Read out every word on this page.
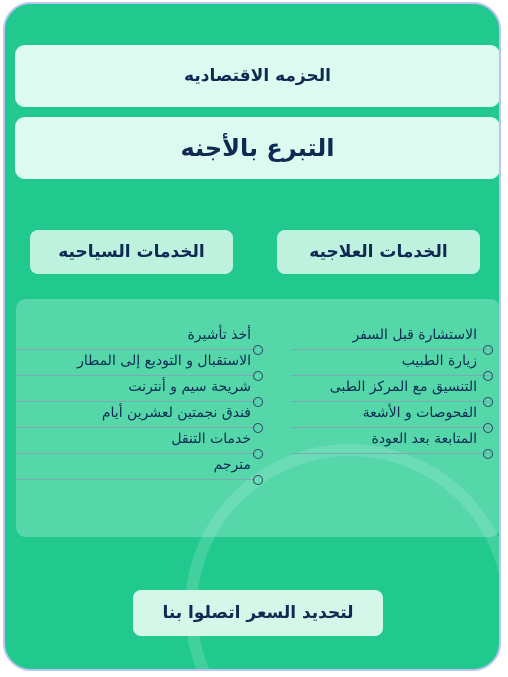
الحزمه الاقتصاديه
التبرع بالأجنه
الخدمات العلاجيه
الخدمات السياحيه
الاستشارة قبل السفر
زيارة الطبيب
التنسيق مع المركز الطبى
الفحوصات و الأشعة
المتابعة بعد العودة
أخذ تأشيرة
الاستقبال و التوديع إلى المطار
شريحة سيم و أنترنت
فندق نجمتين لعشرين أيام
خدمات التنقل
مترجم
لتحديد السعر اتصلوا بنا
